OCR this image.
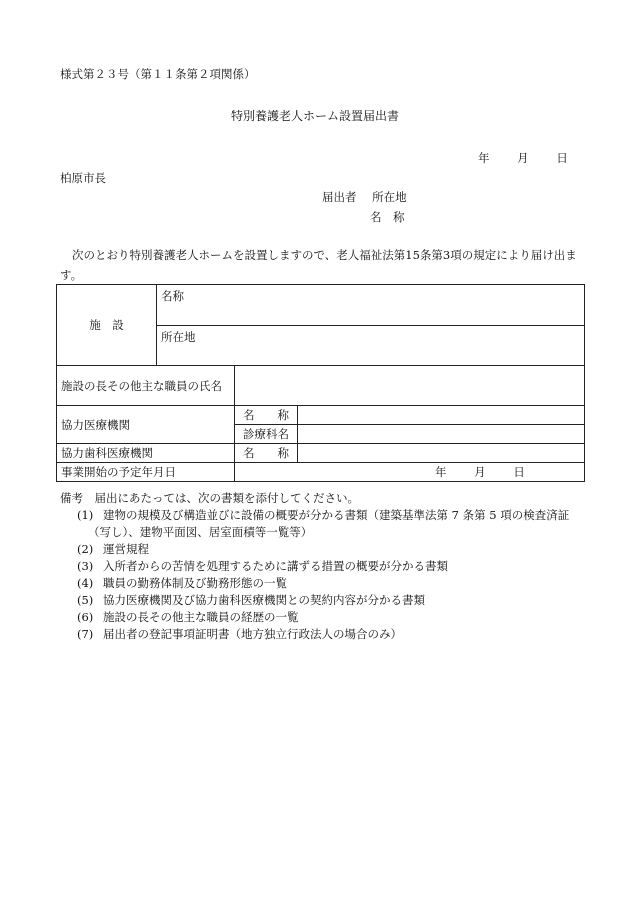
様式第２３号（第１１条第２項関係）
特別養護老人ホーム設置届出書
年 月 日
柏原市長
届出者 所在地
名　称
次のとおり特別養護老人ホームを設置しますので、老人福祉法第15条第3項の規定により届け出ます。
施　設	名称		
	所在地		
施設の長その他主な職員の氏名			
協力医療機関		名　　称	
		診療科名	
協力歯科医療機関		名　　称	
事業開始の予定年月日		年 月 日	
備考　届出にあたっては、次の書類を添付してください。
(1) 建物の規模及び構造並びに設備の概要が分かる書類（建築基準法第 7 条第 5 項の検査済証
（写し）、建物平面図、居室面積等一覧等）
(2) 運営規程
(3) 入所者からの苦情を処理するために講ずる措置の概要が分かる書類
(4) 職員の勤務体制及び勤務形態の一覧
(5) 協力医療機関及び協力歯科医療機関との契約内容が分かる書類
(6) 施設の長その他主な職員の経歴の一覧
(7) 届出者の登記事項証明書（地方独立行政法人の場合のみ）
